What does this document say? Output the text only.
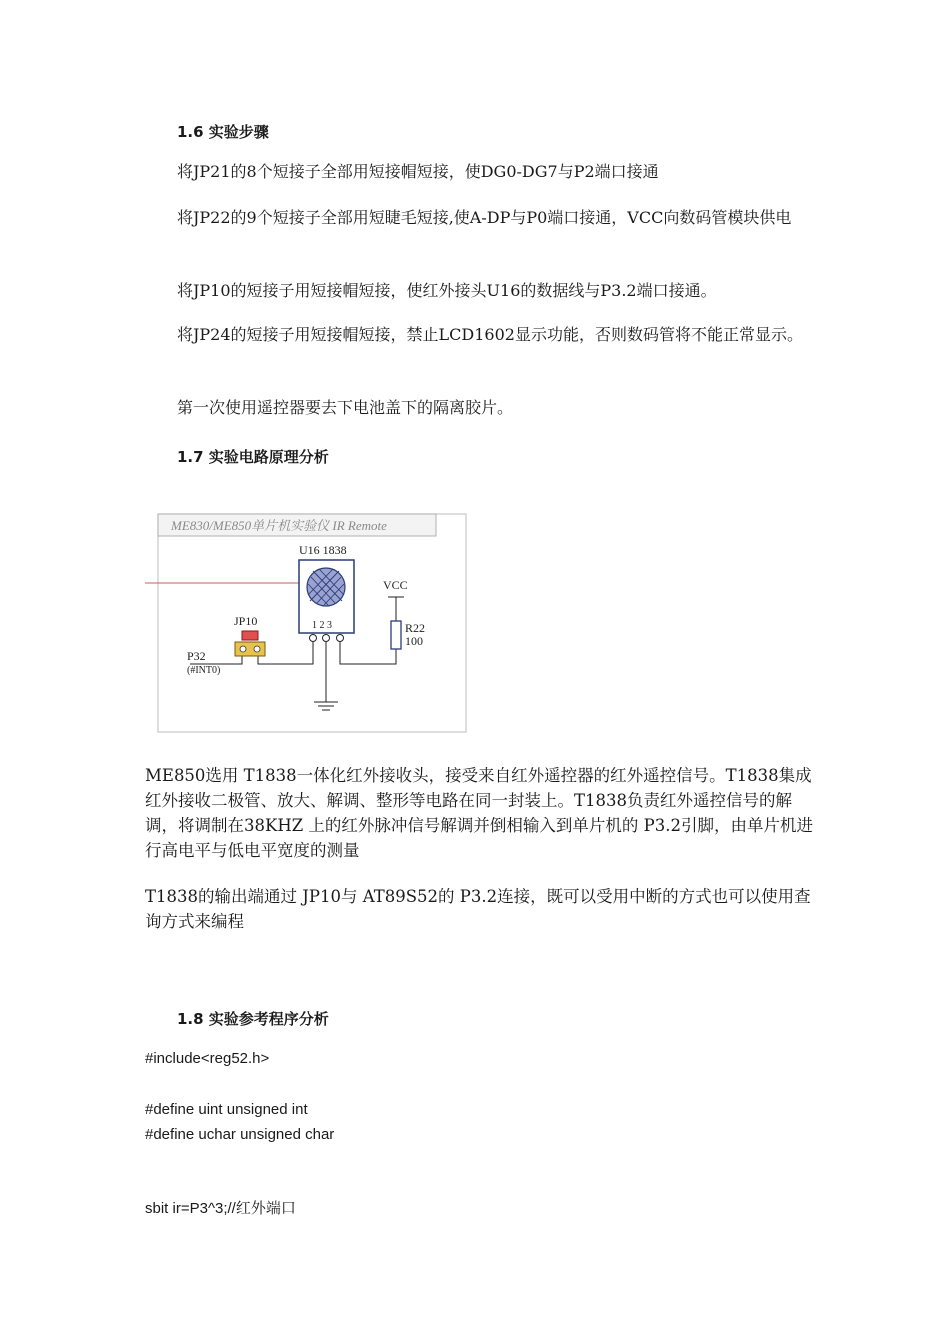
1.6 实验步骤
将JP21的8个短接子全部用短接帽短接，使DG0-DG7与P2端口接通
将JP22的9个短接子全部用短睫毛短接,使A-DP与P0端口接通，VCC向数码管模块供电
将JP10的短接子用短接帽短接，使红外接头U16的数据线与P3.2端口接通。
将JP24的短接子用短接帽短接，禁止LCD1602显示功能，否则数码管将不能正常显示。
第一次使用遥控器要去下电池盖下的隔离胶片。
1.7 实验电路原理分析
ME830/ME850单片机实验仪 IR Remote
U16 1838
1 2 3
VCC
R22
100
JP10
P32
(#INT0)
ME850选用 T1838一体化红外接收头，接受来自红外遥控器的红外遥控信号。T1838集成红外接收二极管、放大、解调、整形等电路在同一封装上。T1838负责红外遥控信号的解调，将调制在38KHZ 上的红外脉冲信号解调并倒相输入到单片机的 P3.2引脚，由单片机进行高电平与低电平宽度的测量
T1838的输出端通过 JP10与 AT89S52的 P3.2连接，既可以受用中断的方式也可以使用查询方式来编程
1.8 实验参考程序分析
#include<reg52.h>
#define uint unsigned int
#define uchar unsigned char
sbit ir=P3^3;//红外端口
